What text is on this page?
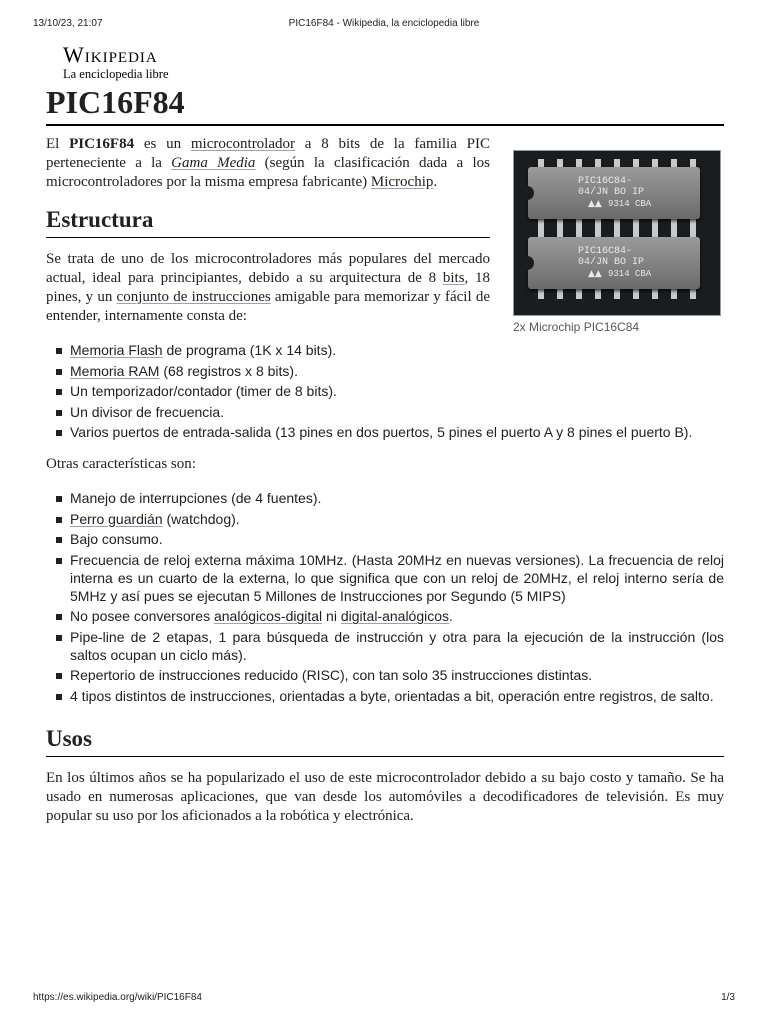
13/10/23, 21:07	PIC16F84 - Wikipedia, la enciclopedia libre
Wikipedia
La enciclopedia libre
PIC16F84
PIC16C84-
04/JN BO IP
▲▲ 9314 CBA
PIC16C84-
04/JN BO IP
▲▲ 9314 CBA
2x Microchip PIC16C84

El PIC16F84 es un microcontrolador a 8 bits de la familia PIC perteneciente a la Gama Media (según la clasificación dada a los microcontroladores por la misma empresa fabricante) Microchip.

Estructura

Se trata de uno de los microcontroladores más populares del mercado actual, ideal para principiantes, debido a su arquitectura de 8 bits, 18 pines, y un conjunto de instrucciones amigable para memorizar y fácil de entender, internamente consta de:

Memoria Flash de programa (1K x 14 bits).
Memoria RAM (68 registros x 8 bits).
Un temporizador/contador (timer de 8 bits).
Un divisor de frecuencia.
Varios puertos de entrada-salida (13 pines en dos puertos, 5 pines el puerto A y 8 pines el puerto B).

Otras características son:

Manejo de interrupciones (de 4 fuentes).
Perro guardián (watchdog).
Bajo consumo.
Frecuencia de reloj externa máxima 10MHz. (Hasta 20MHz en nuevas versiones). La frecuencia de reloj interna es un cuarto de la externa, lo que significa que con un reloj de 20MHz, el reloj interno sería de 5MHz y así pues se ejecutan 5 Millones de Instrucciones por Segundo (5 MIPS)
No posee conversores analógicos-digital ni digital-analógicos.
Pipe-line de 2 etapas, 1 para búsqueda de instrucción y otra para la ejecución de la instrucción (los saltos ocupan un ciclo más).
Repertorio de instrucciones reducido (RISC), con tan solo 35 instrucciones distintas.
4 tipos distintos de instrucciones, orientadas a byte, orientadas a bit, operación entre registros, de salto.
Usos

En los últimos años se ha popularizado el uso de este microcontrolador debido a su bajo costo y tamaño. Se ha usado en numerosas aplicaciones, que van desde los automóviles a decodificadores de televisión. Es muy popular su uso por los aficionados a la robótica y electrónica.

https://es.wikipedia.org/wiki/PIC16F84	1/3
